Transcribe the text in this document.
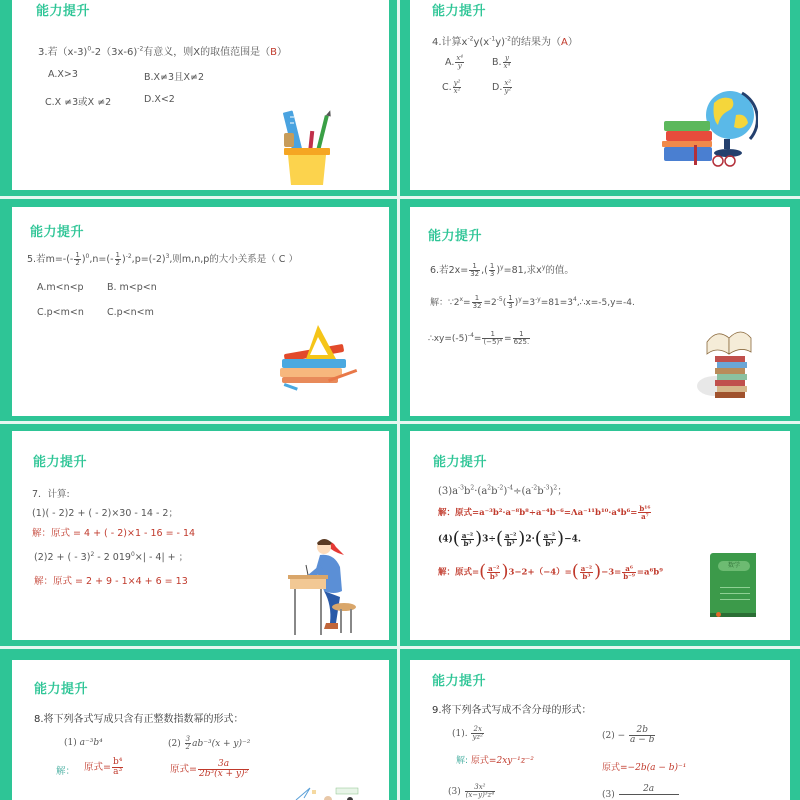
能力提升
3.若（x-3)$^0$-2（3x-6)$^{-2}$有意义，则X的取值范围是（B）
A.X>3	B.X≠3且X≠2
C.X ≠3或X ≠2	D.X<2
能力提升
4.计算$x^{-2}y(x^{-1}y)^{-2}$的结果为（A）
A. $\frac{\text{x⁴}}{y}$	B. $\frac{y}{\text{x⁴}}$
C. $\frac{\text{y²}}{\text{x²}}$	D. $\frac{\text{x²}}{\text{y²}}$
能力提升
5.若$m=-(- \frac{1}{2} )^0,n=(- \frac{1}{2} )^{-2},p=(-2)^3$,则m,n,p的大小关系是（ C ）
A.m<n<p B. m<p<n
C.p<m<n C.p<n<m
能力提升
6.若$2x= \frac{1}{32}$ ,( $\frac{1}{3} )^y=81$,求$x^y$的值。
解：$\because 2^x= \frac{1}{32} =2^{-5}( \frac{1}{3}$ )$^y=3^{-y}=81=3^4,\therefore x=-5,y=-4$.
$\therefore xy=(-5)^{-4}= \frac{1}{\text{(−5)⁴}} = \frac{1}{625.}$
能力提升
7．计算:
(1)( - 2)2 + ( - 2)×30 - 14 - 2；
解：原式 = 4 + ( - 2)×1 - 16 = - 14
(2)2 + ( - 3)$^2$ - 2 $019^0\times| - 4|$ + ；
解：原式 = 2 + 9 - 1×4 + 6 = 13
能力提升
$(3)a^{-3}b^2\cdot(a^2b^{-2})^{-4}\div(a^{-2}b^{-3})^2$；
解：原式$=a^{-3}b^2\cdot a^{-8}b^8\div a^{-4}b^{-6}=\Lambda a^{-11}b^{10}\cdot a^4b^6= \frac{\text{b¹⁶}}{\text{a⁷}}$
$(4)( \frac{\text{a⁻²}}{\text{b³}} )3\div( \frac{\text{a⁻²}}{\text{b³}} )2\cdot( \frac{\text{a⁻²}}{\text{b³}} )-4$.
解：原式=( $\frac{\text{a⁻²}}{\text{b³}} )3-2+(-4)=( \frac{\text{a⁻²}}{\text{b³}} )-3= \frac{\text{a⁶}}{\text{b⁻⁹}} =a^6b^9$
数学
能力提升
8.将下列各式写成只含有正整数指数幂的形式：
(1) a⁻³b⁴	$(2) \frac{3}{2} ab^{-3}(x + y)^{-2}$
解： 原式= $\frac{\text{b⁴}}{\text{a³}}$	原式= $\frac{3a}{\text{2b³(x + y)²}}$
能力提升
9.将下列各式写成不含分母的形式：
(1). $\frac{2x}{\text{yz²}}$	$(2) - \frac{2b}{a - b}$
解: 原式=2xy⁻¹z⁻²
原式=−2b(a − b)⁻¹
$(3) \frac{\text{3x²}}{\text{(x−y)³z⁴}}$	(3)
2a
